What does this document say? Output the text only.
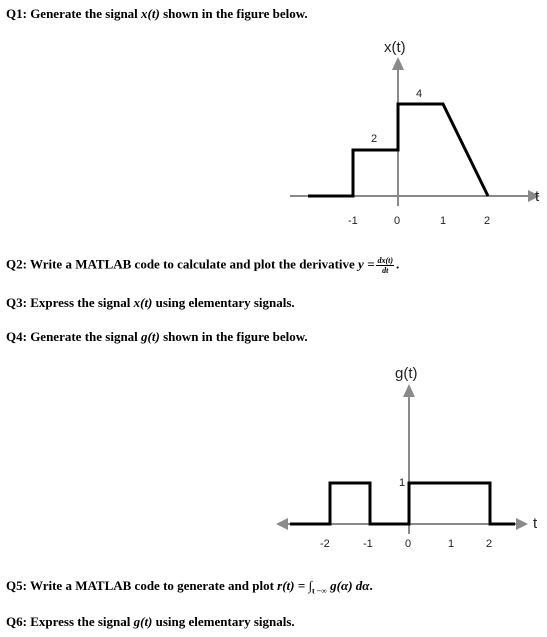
Q1: Generate the signal x(t) shown in the figure below.
Q2: Write a MATLAB code to calculate and plot the derivative $y = \frac{dx(t)}{dt}$ .
Q3: Express the signal x(t) using elementary signals.
Q4: Generate the signal g(t) shown in the figure below.
Q5: Write a MATLAB code to generate and plot $r(t) = \int_{t -\infty}$ g(α) dα.
Q6: Express the signal g(t) using elementary signals.
x(t)
t
-1	0	1	2
2
4
g(t)
t
-2	-1	0	1	2
1
